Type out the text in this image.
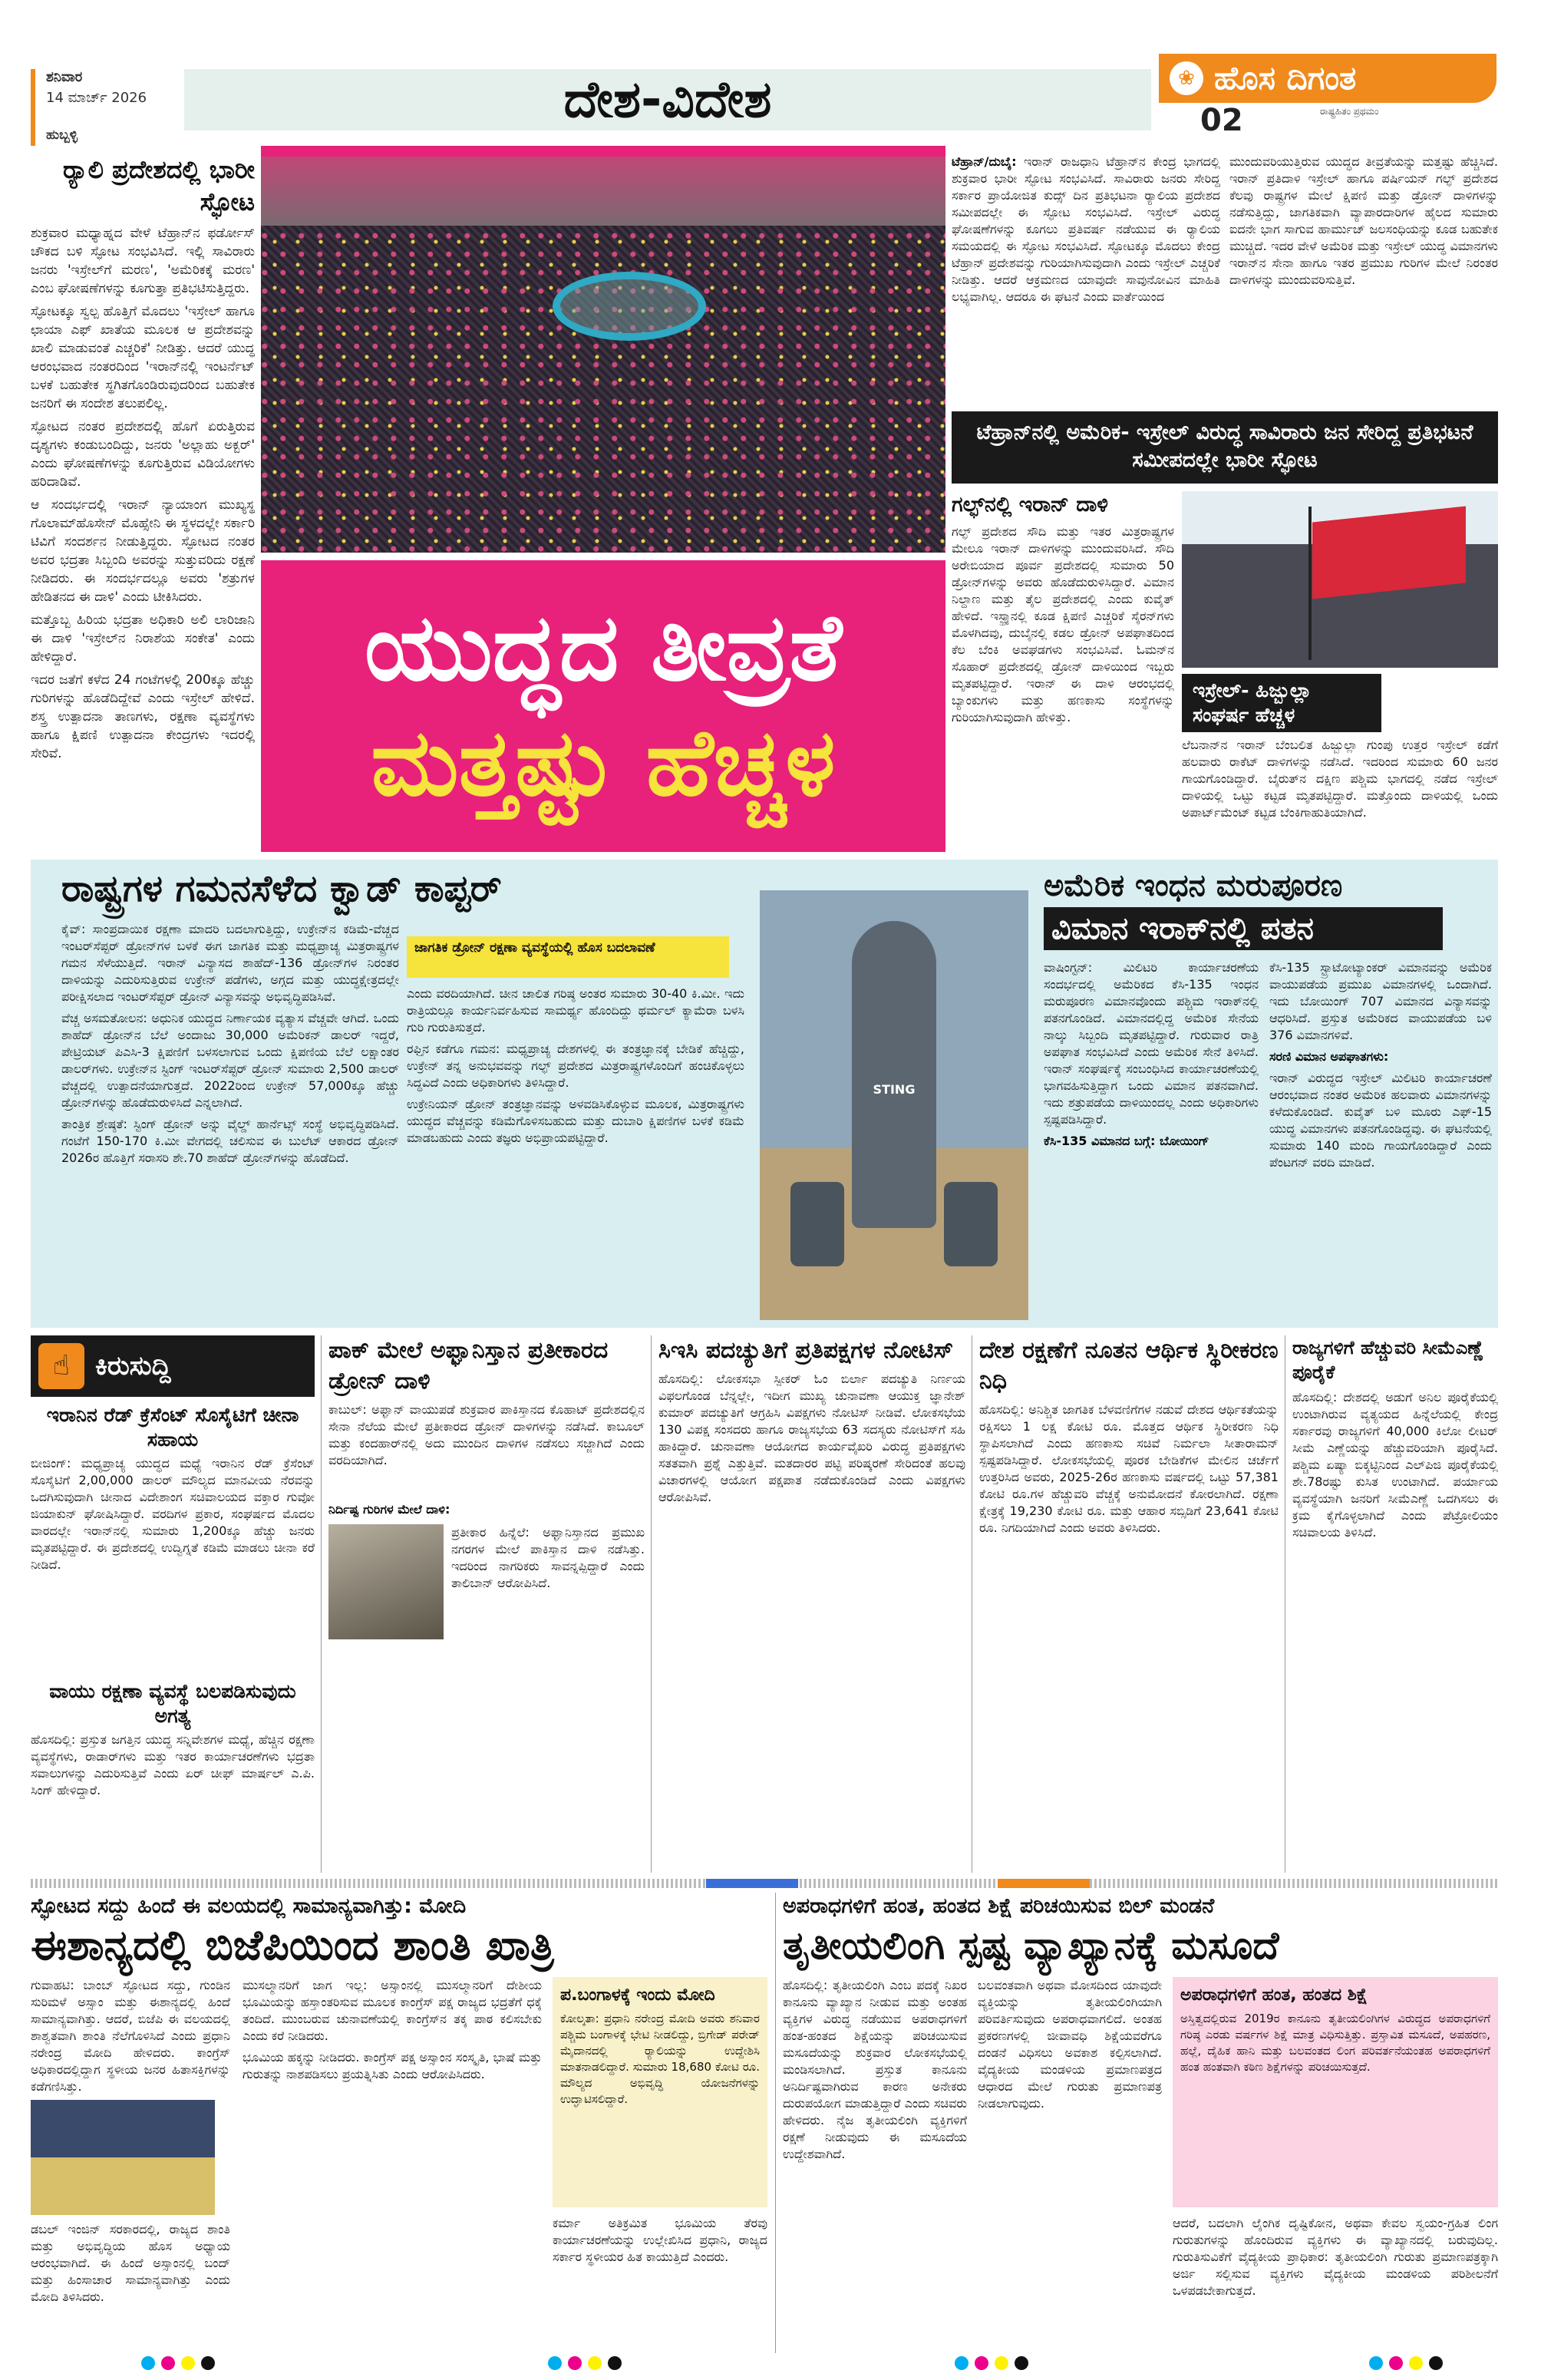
ಶನಿವಾರ
14 ಮಾರ್ಚ್ 2026
ಹುಬ್ಬಳ್ಳಿ
ದೇಶ-ವಿದೇಶ	❀ ಹೊಸ ದಿಗಂತ
ರಾಷ್ಟ್ರಹಿತಂ ಪ್ರಥಮಂ
02
ರ್‍ಯಾಲಿ ಪ್ರದೇಶದಲ್ಲಿ ಭಾರೀ ಸ್ಫೋಟ

ಶುಕ್ರವಾರ ಮಧ್ಯಾಹ್ನದ ವೇಳೆ ಟೆಹ್ರಾನ್‌ನ ಫರ್ಡೋಸ್ ಚೌಕದ ಬಳಿ ಸ್ಫೋಟ ಸಂಭವಿಸಿದೆ. ಇಲ್ಲಿ ಸಾವಿರಾರು ಜನರು 'ಇಸ್ರೇಲ್‌ಗೆ ಮರಣ', 'ಅಮೆರಿಕಕ್ಕೆ ಮರಣ' ಎಂಬ ಘೋಷಣೆಗಳನ್ನು ಕೂಗುತ್ತಾ ಪ್ರತಿಭಟಿಸುತ್ತಿದ್ದರು.

ಸ್ಫೋಟಕ್ಕೂ ಸ್ವಲ್ಪ ಹೊತ್ತಿಗೆ ಮೊದಲು 'ಇಸ್ರೇಲ್ ಹಾಗೂ ಛಾಯಾ ಎಫ್ ಖಾತೆಯ ಮೂಲಕ ಆ ಪ್ರದೇಶವನ್ನು ಖಾಲಿ ಮಾಡುವಂತೆ ಎಚ್ಚರಿಕೆ' ನೀಡಿತ್ತು. ಆದರೆ ಯುದ್ಧ ಆರಂಭವಾದ ನಂತರದಿಂದ 'ಇರಾನ್‌ನಲ್ಲಿ ಇಂಟರ್ನೆಟ್ ಬಳಕೆ ಬಹುತೇಕ ಸ್ಥಗಿತಗೊಂಡಿರುವುದರಿಂದ ಬಹುತೇಕ ಜನರಿಗೆ ಈ ಸಂದೇಶ ತಲುಪಲಿಲ್ಲ.

ಸ್ಫೋಟದ ನಂತರ ಪ್ರದೇಶದಲ್ಲಿ ಹೊಗೆ ಏರುತ್ತಿರುವ ದೃಶ್ಯಗಳು ಕಂಡುಬಂದಿದ್ದು, ಜನರು 'ಅಲ್ಲಾಹು ಅಕ್ಬರ್' ಎಂದು ಘೋಷಣೆಗಳನ್ನು ಕೂಗುತ್ತಿರುವ ವಿಡಿಯೋಗಳು ಹರಿದಾಡಿವೆ.

ಆ ಸಂದರ್ಭದಲ್ಲಿ ಇರಾನ್ ನ್ಯಾಯಾಂಗ ಮುಖ್ಯಸ್ಥ ಗೊಲಾಮ್‌ಹೊಸೇನ್ ಮೊಹ್ಸೇನಿ ಈ ಸ್ಥಳದಲ್ಲೇ ಸರ್ಕಾರಿ ಟಿವಿಗೆ ಸಂದರ್ಶನ ನೀಡುತ್ತಿದ್ದರು. ಸ್ಫೋಟದ ನಂತರ ಅವರ ಭದ್ರತಾ ಸಿಬ್ಬಂದಿ ಅವರನ್ನು ಸುತ್ತುವರಿದು ರಕ್ಷಣೆ ನೀಡಿದರು. ಈ ಸಂದರ್ಭದಲ್ಲೂ ಅವರು 'ಶತ್ರುಗಳ ಹೇಡಿತನದ ಈ ದಾಳಿ' ಎಂದು ಟೀಕಿಸಿದರು.

ಮತ್ತೊಬ್ಬ ಹಿರಿಯ ಭದ್ರತಾ ಅಧಿಕಾರಿ ಅಲಿ ಲಾರಿಜಾನಿ ಈ ದಾಳಿ 'ಇಸ್ರೇಲ್‌ನ ನಿರಾಶೆಯ ಸಂಕೇತ' ಎಂದು ಹೇಳಿದ್ದಾರೆ.

ಇದರ ಜತೆಗೆ ಕಳೆದ 24 ಗಂಟೆಗಳಲ್ಲಿ 200ಕ್ಕೂ ಹೆಚ್ಚು ಗುರಿಗಳನ್ನು ಹೊಡೆದಿದ್ದೇವೆ ಎಂದು ಇಸ್ರೇಲ್ ಹೇಳಿದೆ. ಶಸ್ತ್ರ ಉತ್ಪಾದನಾ ತಾಣಗಳು, ರಕ್ಷಣಾ ವ್ಯವಸ್ಥೆಗಳು ಹಾಗೂ ಕ್ಷಿಪಣಿ ಉತ್ಪಾದನಾ ಕೇಂದ್ರಗಳು ಇದರಲ್ಲಿ ಸೇರಿವೆ.

ಯುದ್ಧದ ತೀವ್ರತೆ
ಮತ್ತಷ್ಟು ಹೆಚ್ಚಳ
ಟೆಹ್ರಾನ್/ದುಬೈ: ಇರಾನ್ ರಾಜಧಾನಿ ಟೆಹ್ರಾನ್‌ನ ಕೇಂದ್ರ ಭಾಗದಲ್ಲಿ ಶುಕ್ರವಾರ ಭಾರೀ ಸ್ಫೋಟ ಸಂಭವಿಸಿದೆ. ಸಾವಿರಾರು ಜನರು ಸೇರಿದ್ದ ಸರ್ಕಾರ ಪ್ರಾಯೋಜಿತ ಕುದ್ಸ್ ದಿನ ಪ್ರತಿಭಟನಾ ರ್‍ಯಾಲಿಯ ಪ್ರದೇಶದ ಸಮೀಪದಲ್ಲೇ ಈ ಸ್ಫೋಟ ಸಂಭವಿಸಿದೆ. ಇಸ್ರೇಲ್ ವಿರುದ್ಧ ಘೋಷಣೆಗಳನ್ನು ಕೂಗಲು ಪ್ರತಿವರ್ಷ ನಡೆಯುವ ಈ ರ್‍ಯಾಲಿಯ ಸಮಯದಲ್ಲಿ ಈ ಸ್ಫೋಟ ಸಂಭವಿಸಿದೆ. ಸ್ಫೋಟಕ್ಕೂ ಮೊದಲು ಕೇಂದ್ರ ಟೆಹ್ರಾನ್ ಪ್ರದೇಶವನ್ನು ಗುರಿಯಾಗಿಸುವುದಾಗಿ ಎಂದು ಇಸ್ರೇಲ್ ಎಚ್ಚರಿಕೆ ನೀಡಿತ್ತು. ಆದರೆ ಆಕ್ರಮಣದ ಯಾವುದೇ ಸಾವುನೋವಿನ ಮಾಹಿತಿ ಲಭ್ಯವಾಗಿಲ್ಲ. ಆದರೂ ಈ ಘಟನೆ ಎಂದು ವಾರ್ತೆಯಿಂದ
ಮುಂದುವರಿಯುತ್ತಿರುವ ಯುದ್ಧದ ತೀವ್ರತೆಯನ್ನು ಮತ್ತಷ್ಟು ಹೆಚ್ಚಿಸಿದೆ. ಇರಾನ್ ಪ್ರತಿದಾಳಿ ಇಸ್ರೇಲ್ ಹಾಗೂ ಪರ್ಷಿಯನ್ ಗಲ್ಫ್ ಪ್ರದೇಶದ ಕೆಲವು ರಾಷ್ಟ್ರಗಳ ಮೇಲೆ ಕ್ಷಿಪಣಿ ಮತ್ತು ಡ್ರೋನ್ ದಾಳಿಗಳನ್ನು ನಡೆಸುತ್ತಿದ್ದು, ಜಾಗತಿಕವಾಗಿ ವ್ಯಾಪಾರದಾರಿಗಳ ಹೈಲದ ಸುಮಾರು ಐದನೇ ಭಾಗ ಸಾಗುವ ಹಾರ್ಮುಜ್ ಜಲಸಂಧಿಯನ್ನು ಕೂಡ ಬಹುತೇಕ ಮುಚ್ಚಿದೆ. ಇದರ ವೇಳೆ ಅಮೆರಿಕ ಮತ್ತು ಇಸ್ರೇಲ್ ಯುದ್ಧ ವಿಮಾನಗಳು ಇರಾನ್‌ನ ಸೇನಾ ಹಾಗೂ ಇತರ ಪ್ರಮುಖ ಗುರಿಗಳ ಮೇಲೆ ನಿರಂತರ ದಾಳಿಗಳನ್ನು ಮುಂದುವರಿಸುತ್ತಿವೆ.
ಟೆಹ್ರಾನ್‌ನಲ್ಲಿ ಅಮೆರಿಕ- ಇಸ್ರೇಲ್ ವಿರುದ್ಧ ಸಾವಿರಾರು ಜನ ಸೇರಿದ್ದ ಪ್ರತಿಭಟನೆ ಸಮೀಪದಲ್ಲೇ ಭಾರೀ ಸ್ಫೋಟ
ಗಲ್ಫ್‌ನಲ್ಲಿ ಇರಾನ್ ದಾಳಿ
ಗಲ್ಫ್ ಪ್ರದೇಶದ ಸೌದಿ ಮತ್ತು ಇತರ ಮಿತ್ರರಾಷ್ಟ್ರಗಳ ಮೇಲೂ ಇರಾನ್ ದಾಳಿಗಳನ್ನು ಮುಂದುವರಿಸಿದೆ. ಸೌದಿ ಅರೇಬಿಯಾದ ಪೂರ್ವ ಪ್ರದೇಶದಲ್ಲಿ ಸುಮಾರು 50 ಡ್ರೋನ್‌ಗಳನ್ನು ಅವರು ಹೊಡೆದುರುಳಿಸಿದ್ದಾರೆ. ವಿಮಾನ ನಿಲ್ದಾಣ ಮತ್ತು ತೈಲ ಪ್ರದೇಶದಲ್ಲಿ ಎಂದು ಕುವೈತ್ ಹೇಳಿದೆ. ಇಸ್ಫ್ರ್ಯಾನಲ್ಲಿ ಕೂಡ ಕ್ಷಿಪಣಿ ಎಚ್ಚರಿಕೆ ಸೈರನ್‌ಗಳು ಮೊಳಗಿದವು, ದುಬೈನಲ್ಲಿ ಕಡಲ ಡ್ರೋನ್ ಅಪಘಾತದಿಂದ ಕೆಲ ಬೆಂಕಿ ಅವಘಡಗಳು ಸಂಭವಿಸಿವೆ. ಓಮನ್‌ನ ಸೊಹಾರ್ ಪ್ರದೇಶದಲ್ಲಿ ಡ್ರೋನ್ ದಾಳಿಯಿಂದ ಇಬ್ಬರು ಮೃತಪಟ್ಟಿದ್ದಾರೆ. ಇರಾನ್ ಈ ದಾಳಿ ಆರಂಭದಲ್ಲಿ ಬ್ಯಾಂಕುಗಳು ಮತ್ತು ಹಣಕಾಸು ಸಂಸ್ಥೆಗಳನ್ನು ಗುರಿಯಾಗಿಸುವುದಾಗಿ ಹೇಳಿತ್ತು.
ಇಸ್ರೇಲ್- ಹಿಜ್ಬುಲ್ಲಾ ಸಂಘರ್ಷ ಹೆಚ್ಚಳ
ಲೆಬನಾನ್‌ನ ಇರಾನ್ ಬೆಂಬಲಿತ ಹಿಜ್ಬುಲ್ಲಾ ಗುಂಪು ಉತ್ತರ ಇಸ್ರೇಲ್ ಕಡೆಗೆ ಹಲವಾರು ರಾಕೆಟ್ ದಾಳಿಗಳನ್ನು ನಡೆಸಿದೆ. ಇದರಿಂದ ಸುಮಾರು 60 ಜನರ ಗಾಯಗೊಂಡಿದ್ದಾರೆ. ಬೈರುತ್‌ನ ದಕ್ಷಿಣ ಪಶ್ಚಿಮ ಭಾಗದಲ್ಲಿ ನಡೆದ ಇಸ್ರೇಲ್ ದಾಳಿಯಲ್ಲಿ ಒಟ್ಟು ಕಟ್ಟಡ ಮೃತಪಟ್ಟಿದ್ದಾರೆ. ಮತ್ತೊಂದು ದಾಳಿಯಲ್ಲಿ ಒಂದು ಅಪಾರ್ಟ್‌ಮೆಂಟ್ ಕಟ್ಟಡ ಬೆಂಕಿಗಾಹುತಿಯಾಗಿದೆ.
ರಾಷ್ಟ್ರಗಳ ಗಮನಸೆಳೆದ ಕ್ವಾಡ್ ಕಾಪ್ಟರ್

ಕೈವ್: ಸಾಂಪ್ರದಾಯಿಕ ರಕ್ಷಣಾ ಮಾದರಿ ಬದಲಾಗುತ್ತಿದ್ದು, ಉಕ್ರೇನ್‌ನ ಕಡಿಮೆ-ವೆಚ್ಚದ ಇಂಟರ್‌ಸೆಪ್ಟರ್ ಡ್ರೋನ್‌ಗಳ ಬಳಕೆ ಈಗ ಜಾಗತಿಕ ಮತ್ತು ಮಧ್ಯಪ್ರಾಚ್ಯ ಮಿತ್ರರಾಷ್ಟ್ರಗಳ ಗಮನ ಸೆಳೆಯುತ್ತಿದೆ. ಇರಾನ್ ವಿನ್ಯಾಸದ ಶಾಹೆದ್-136 ಡ್ರೋನ್‌ಗಳ ನಿರಂತರ ದಾಳಿಯನ್ನು ಎದುರಿಸುತ್ತಿರುವ ಉಕ್ರೇನ್ ಪಡೆಗಳು, ಅಗ್ಗದ ಮತ್ತು ಯುದ್ಧಕ್ಷೇತ್ರದಲ್ಲೇ ಪರೀಕ್ಷಿಸಲಾದ ಇಂಟರ್‌ಸೆಪ್ಟರ್ ಡ್ರೋನ್ ವಿನ್ಯಾಸವನ್ನು ಅಭಿವೃದ್ಧಿಪಡಿಸಿವೆ.

ವೆಚ್ಚ ಅಸಮತೋಲನ: ಅಧುನಿಕ ಯುದ್ಧದ ನಿರ್ಣಾಯಕ ವ್ಯತ್ಯಾಸ ವೆಚ್ಚವೇ ಆಗಿದೆ. ಒಂದು ಶಾಹೆದ್ ಡ್ರೋನ್‌ನ ಬೆಲೆ ಅಂದಾಜು 30,000 ಅಮೆರಿಕನ್ ಡಾಲರ್ ಇದ್ದರೆ, ಪೇಟ್ರಿಯಟ್ ಪಿಎಸಿ-3 ಕ್ಷಿಪಣಿಗೆ ಬಳಸಲಾಗುವ ಒಂದು ಕ್ಷಿಪಣಿಯ ಬೆಲೆ ಲಕ್ಷಾಂತರ ಡಾಲರ್‌ಗಳು. ಉಕ್ರೇನ್‌ನ ಸ್ಟಿಂಗ್ ಇಂಟರ್‌ಸೆಪ್ಟರ್ ಡ್ರೋನ್ ಸುಮಾರು 2,500 ಡಾಲರ್ ವೆಚ್ಚದಲ್ಲಿ ಉತ್ಪಾದನೆಯಾಗುತ್ತದೆ. 2022ರಿಂದ ಉಕ್ರೇನ್ 57,000ಕ್ಕೂ ಹೆಚ್ಚು ಡ್ರೋನ್‌ಗಳನ್ನು ಹೊಡೆದುರುಳಿಸಿದೆ ಎನ್ನಲಾಗಿದೆ.

ತಾಂತ್ರಿಕ ಶ್ರೇಷ್ಠತೆ: ಸ್ಟಿಂಗ್ ಡ್ರೋನ್ ಅನ್ನು ವೈಲ್ಡ್ ಹಾರ್ನೆಟ್ಸ್ ಸಂಸ್ಥೆ ಅಭಿವೃದ್ಧಿಪಡಿಸಿದೆ. ಗಂಟೆಗೆ 150-170 ಕಿ.ಮೀ ವೇಗದಲ್ಲಿ ಚಲಿಸುವ ಈ ಬುಲೆಟ್ ಆಕಾರದ ಡ್ರೋನ್ 2026ರ ಹೊತ್ತಿಗೆ ಸರಾಸರಿ ಶೇ.70 ಶಾಹೆದ್ ಡ್ರೋನ್‌ಗಳನ್ನು ಹೊಡೆದಿದೆ.

ಜಾಗತಿಕ ಡ್ರೋನ್ ರಕ್ಷಣಾ ವ್ಯವಸ್ಥೆಯಲ್ಲಿ ಹೊಸ ಬದಲಾವಣೆ

ಎಂದು ವರದಿಯಾಗಿದೆ. ಚೀನ ಚಾಲಿತ ಗರಿಷ್ಠ ಅಂತರ ಸುಮಾರು 30-40 ಕಿ.ಮೀ. ಇದು ರಾತ್ರಿಯಲ್ಲೂ ಕಾರ್ಯನಿರ್ವಹಿಸುವ ಸಾಮರ್ಥ್ಯ ಹೊಂದಿದ್ದು ಥರ್ಮಲ್ ಕ್ಯಾಮೆರಾ ಬಳಸಿ ಗುರಿ ಗುರುತಿಸುತ್ತದೆ.

ರಫ್ತಿನ ಕಡೆಗೂ ಗಮನ: ಮಧ್ಯಪ್ರಾಚ್ಯ ದೇಶಗಳಲ್ಲಿ ಈ ತಂತ್ರಜ್ಞಾನಕ್ಕೆ ಬೇಡಿಕೆ ಹೆಚ್ಚಿದ್ದು, ಉಕ್ರೇನ್ ತನ್ನ ಅನುಭವವನ್ನು ಗಲ್ಫ್ ಪ್ರದೇಶದ ಮಿತ್ರರಾಷ್ಟ್ರಗಳೊಂದಿಗೆ ಹಂಚಿಕೊಳ್ಳಲು ಸಿದ್ಧವಿದೆ ಎಂದು ಅಧಿಕಾರಿಗಳು ತಿಳಿಸಿದ್ದಾರೆ.

ಉಕ್ರೇನಿಯನ್ ಡ್ರೋನ್ ತಂತ್ರಜ್ಞಾನವನ್ನು ಅಳವಡಿಸಿಕೊಳ್ಳುವ ಮೂಲಕ, ಮಿತ್ರರಾಷ್ಟ್ರಗಳು ಯುದ್ಧದ ವೆಚ್ಚವನ್ನು ಕಡಿಮೆಗೊಳಿಸಬಹುದು ಮತ್ತು ದುಬಾರಿ ಕ್ಷಿಪಣಿಗಳ ಬಳಕೆ ಕಡಿಮೆ ಮಾಡಬಹುದು ಎಂದು ತಜ್ಞರು ಅಭಿಪ್ರಾಯಪಟ್ಟಿದ್ದಾರೆ.

STING
ಅಮೆರಿಕ ಇಂಧನ ಮರುಪೂರಣ
ವಿಮಾನ ಇರಾಕ್‌ನಲ್ಲಿ ಪತನ

ವಾಷಿಂಗ್ಟನ್: ಮಿಲಿಟರಿ ಕಾರ್ಯಾಚರಣೆಯ ಸಂದರ್ಭದಲ್ಲಿ ಅಮೆರಿಕದ ಕೆಸಿ-135 ಇಂಧನ ಮರುಪೂರಣ ವಿಮಾನವೊಂದು ಪಶ್ಚಿಮ ಇರಾಕ್‌ನಲ್ಲಿ ಪತನಗೊಂಡಿದೆ. ವಿಮಾನದಲ್ಲಿದ್ದ ಅಮೆರಿಕ ಸೇನೆಯ ನಾಲ್ಕು ಸಿಬ್ಬಂದಿ ಮೃತಪಟ್ಟಿದ್ದಾರೆ. ಗುರುವಾರ ರಾತ್ರಿ ಅಪಘಾತ ಸಂಭವಿಸಿದೆ ಎಂದು ಅಮೆರಿಕ ಸೇನೆ ತಿಳಿಸಿದೆ. ಇರಾನ್ ಸಂಘರ್ಷಕ್ಕೆ ಸಂಬಂಧಿಸಿದ ಕಾರ್ಯಾಚರಣೆಯಲ್ಲಿ ಭಾಗವಹಿಸುತ್ತಿದ್ದಾಗ ಒಂದು ವಿಮಾನ ಪತನವಾಗಿದೆ. ಇದು ಶತ್ರುಪಡೆಯ ದಾಳಿಯಿಂದಲ್ಲ ಎಂದು ಅಧಿಕಾರಿಗಳು ಸ್ಪಷ್ಟಪಡಿಸಿದ್ದಾರೆ.

ಕೆಸಿ-135 ವಿಮಾನದ ಬಗ್ಗೆ: ಬೋಯಿಂಗ್

ಕೆಸಿ-135 ಸ್ಟ್ರಾಟೋಟ್ಯಾಂಕರ್ ವಿಮಾನವನ್ನು ಅಮೆರಿಕ ವಾಯುಪಡೆಯ ಪ್ರಮುಖ ವಿಮಾನಗಳಲ್ಲಿ ಒಂದಾಗಿದೆ. ಇದು ಬೋಯಿಂಗ್ 707 ವಿಮಾನದ ವಿನ್ಯಾಸವನ್ನು ಆಧರಿಸಿದೆ. ಪ್ರಸ್ತುತ ಅಮೆರಿಕದ ವಾಯುಪಡೆಯ ಬಳಿ 376 ವಿಮಾನಗಳಿವೆ.

ಸರಣಿ ವಿಮಾನ ಅಪಘಾತಗಳು:

ಇರಾನ್ ವಿರುದ್ಧದ ಇಸ್ರೇಲ್ ಮಿಲಿಟರಿ ಕಾರ್ಯಾಚರಣೆ ಆರಂಭವಾದ ನಂತರ ಅಮೆರಿಕ ಹಲವಾರು ವಿಮಾನಗಳನ್ನು ಕಳೆದುಕೊಂಡಿದೆ. ಕುವೈತ್ ಬಳಿ ಮೂರು ಎಫ್-15 ಯುದ್ಧ ವಿಮಾನಗಳು ಪತನಗೊಂಡಿದ್ದವು. ಈ ಘಟನೆಯಲ್ಲಿ ಸುಮಾರು 140 ಮಂದಿ ಗಾಯಗೊಂಡಿದ್ದಾರೆ ಎಂದು ಪೆಂಟಗನ್ ವರದಿ ಮಾಡಿದೆ.

☝ ಕಿರುಸುದ್ದಿ
ಇರಾನಿನ ರೆಡ್ ಕ್ರೆಸೆಂಟ್ ಸೊಸೈಟಿಗೆ ಚೀನಾ ಸಹಾಯ
ಬೀಜಿಂಗ್: ಮಧ್ಯಪ್ರಾಚ್ಯ ಯುದ್ಧದ ಮಧ್ಯೆ ಇರಾನಿನ ರೆಡ್ ಕ್ರೆಸೆಂಟ್ ಸೊಸೈಟಿಗೆ 2,00,000 ಡಾಲರ್ ಮೌಲ್ಯದ ಮಾನವೀಯ ನೆರವನ್ನು ಒದಗಿಸುವುದಾಗಿ ಚೀನಾದ ವಿದೇಶಾಂಗ ಸಚಿವಾಲಯದ ವಕ್ತಾರ ಗುವೋ ಜಿಯಾಕುನ್ ಘೋಷಿಸಿದ್ದಾರೆ. ವರದಿಗಳ ಪ್ರಕಾರ, ಸಂಘರ್ಷದ ಮೊದಲ ವಾರದಲ್ಲೇ ಇರಾನ್‌ನಲ್ಲಿ ಸುಮಾರು 1,200ಕ್ಕೂ ಹೆಚ್ಚು ಜನರು ಮೃತಪಟ್ಟಿದ್ದಾರೆ. ಈ ಪ್ರದೇಶದಲ್ಲಿ ಉದ್ವಿಗ್ನತೆ ಕಡಿಮೆ ಮಾಡಲು ಚೀನಾ ಕರೆ ನೀಡಿದೆ.
ವಾಯು ರಕ್ಷಣಾ ವ್ಯವಸ್ಥೆ ಬಲಪಡಿಸುವುದು ಅಗತ್ಯ
ಹೊಸದಿಲ್ಲಿ: ಪ್ರಸ್ತುತ ಜಗತ್ತಿನ ಯುದ್ಧ ಸನ್ನಿವೇಶಗಳ ಮಧ್ಯೆ, ಹೆಚ್ಚಿನ ರಕ್ಷಣಾ ವ್ಯವಸ್ಥೆಗಳು, ರಾಡಾರ್‌ಗಳು ಮತ್ತು ಇತರ ಕಾರ್ಯಾಚರಣೆಗಳು ಭದ್ರತಾ ಸವಾಲುಗಳನ್ನು ಎದುರಿಸುತ್ತಿವೆ ಎಂದು ಏರ್ ಚೀಫ್ ಮಾರ್ಷಲ್ ಎ.ಪಿ. ಸಿಂಗ್ ಹೇಳಿದ್ದಾರೆ.
ಪಾಕ್ ಮೇಲೆ ಅಫ್ಘಾನಿಸ್ತಾನ ಪ್ರತೀಕಾರದ ಡ್ರೋನ್ ದಾಳಿ
ಕಾಬುಲ್: ಅಫ್ಘಾನ್ ವಾಯುಪಡೆ ಶುಕ್ರವಾರ ಪಾಕಿಸ್ತಾನದ ಕೊಹಾಟ್ ಪ್ರದೇಶದಲ್ಲಿನ ಸೇನಾ ನೆಲೆಯ ಮೇಲೆ ಪ್ರತೀಕಾರದ ಡ್ರೋನ್ ದಾಳಿಗಳನ್ನು ನಡೆಸಿದೆ. ಕಾಬೂಲ್ ಮತ್ತು ಕಂದಹಾರ್‌ನಲ್ಲಿ ಅದು ಮುಂದಿನ ದಾಳಿಗಳ ನಡೆಸಲು ಸಜ್ಜಾಗಿದೆ ಎಂದು ವರದಿಯಾಗಿದೆ.
ನಿರ್ದಿಷ್ಟ ಗುರಿಗಳ ಮೇಲೆ ದಾಳಿ:
ಪ್ರತೀಕಾರ ಹಿನ್ನೆಲೆ: ಅಫ್ಘಾನಿಸ್ತಾನದ ಪ್ರಮುಖ ನಗರಗಳ ಮೇಲೆ ಪಾಕಿಸ್ತಾನ ದಾಳಿ ನಡೆಸಿತ್ತು. ಇದರಿಂದ ನಾಗರಿಕರು ಸಾವನ್ನಪ್ಪಿದ್ದಾರೆ ಎಂದು ತಾಲಿಬಾನ್ ಆರೋಪಿಸಿದೆ.
ಸಿಇಸಿ ಪದಚ್ಯುತಿಗೆ ಪ್ರತಿಪಕ್ಷಗಳ ನೋಟಿಸ್
ಹೊಸದಿಲ್ಲಿ: ಲೋಕಸಭಾ ಸ್ಪೀಕರ್ ಓಂ ಬಿರ್ಲಾ ಪದಚ್ಯುತಿ ನಿರ್ಣಯ ವಿಫಲಗೊಂಡ ಬೆನ್ನಲ್ಲೇ, ಇದೀಗ ಮುಖ್ಯ ಚುನಾವಣಾ ಆಯುಕ್ತ ಜ್ಞಾನೇಶ್ ಕುಮಾರ್ ಪದಚ್ಯುತಿಗೆ ಆಗ್ರಹಿಸಿ ವಿಪಕ್ಷಗಳು ನೋಟಿಸ್ ನೀಡಿವೆ. ಲೋಕಸಭೆಯ 130 ವಿಪಕ್ಷ ಸಂಸದರು ಹಾಗೂ ರಾಜ್ಯಸಭೆಯ 63 ಸದಸ್ಯರು ನೋಟಿಸ್‌ಗೆ ಸಹಿ ಹಾಕಿದ್ದಾರೆ. ಚುನಾವಣಾ ಆಯೋಗದ ಕಾರ್ಯವೈಖರಿ ವಿರುದ್ಧ ಪ್ರತಿಪಕ್ಷಗಳು ಸತತವಾಗಿ ಪ್ರಶ್ನೆ ಎತ್ತುತ್ತಿವೆ. ಮತದಾರರ ಪಟ್ಟಿ ಪರಿಷ್ಕರಣೆ ಸೇರಿದಂತೆ ಹಲವು ವಿಚಾರಗಳಲ್ಲಿ ಆಯೋಗ ಪಕ್ಷಪಾತ ನಡೆದುಕೊಂಡಿದೆ ಎಂದು ವಿಪಕ್ಷಗಳು ಆರೋಪಿಸಿವೆ.
ದೇಶ ರಕ್ಷಣೆಗೆ ನೂತನ ಆರ್ಥಿಕ ಸ್ಥಿರೀಕರಣ ನಿಧಿ
ಹೊಸದಿಲ್ಲಿ: ಅನಿಶ್ಚಿತ ಜಾಗತಿಕ ಬೆಳವಣಿಗೆಗಳ ನಡುವೆ ದೇಶದ ಆರ್ಥಿಕತೆಯನ್ನು ರಕ್ಷಿಸಲು 1 ಲಕ್ಷ ಕೋಟಿ ರೂ. ಮೊತ್ತದ ಆರ್ಥಿಕ ಸ್ಥಿರೀಕರಣ ನಿಧಿ ಸ್ಥಾಪಿಸಲಾಗಿದೆ ಎಂದು ಹಣಕಾಸು ಸಚಿವೆ ನಿರ್ಮಲಾ ಸೀತಾರಾಮನ್ ಸ್ಪಷ್ಟಪಡಿಸಿದ್ದಾರೆ. ಲೋಕಸಭೆಯಲ್ಲಿ ಪೂರಕ ಬೇಡಿಕೆಗಳ ಮೇಲಿನ ಚರ್ಚೆಗೆ ಉತ್ತರಿಸಿದ ಅವರು, 2025-26ರ ಹಣಕಾಸು ವರ್ಷದಲ್ಲಿ ಒಟ್ಟು 57,381 ಕೋಟಿ ರೂ.ಗಳ ಹೆಚ್ಚುವರಿ ವೆಚ್ಚಕ್ಕೆ ಅನುಮೋದನೆ ಕೋರಲಾಗಿದೆ. ರಕ್ಷಣಾ ಕ್ಷೇತ್ರಕ್ಕೆ 19,230 ಕೋಟಿ ರೂ. ಮತ್ತು ಆಹಾರ ಸಬ್ಸಿಡಿಗೆ 23,641 ಕೋಟಿ ರೂ. ನಿಗದಿಯಾಗಿದೆ ಎಂದು ಅವರು ತಿಳಿಸಿದರು.
ರಾಜ್ಯಗಳಿಗೆ ಹೆಚ್ಚುವರಿ ಸೀಮೆಎಣ್ಣೆ ಪೂರೈಕೆ
ಹೊಸದಿಲ್ಲಿ: ದೇಶದಲ್ಲಿ ಅಡುಗೆ ಅನಿಲ ಪೂರೈಕೆಯಲ್ಲಿ ಉಂಟಾಗಿರುವ ವ್ಯತ್ಯಯದ ಹಿನ್ನೆಲೆಯಲ್ಲಿ ಕೇಂದ್ರ ಸರ್ಕಾರವು ರಾಜ್ಯಗಳಿಗೆ 40,000 ಕಿಲೋ ಲೀಟರ್ ಸೀಮೆ ಎಣ್ಣೆಯನ್ನು ಹೆಚ್ಚುವರಿಯಾಗಿ ಪೂರೈಸಿದೆ. ಪಶ್ಚಿಮ ಏಷ್ಯಾ ಬಿಕ್ಕಟ್ಟಿನಿಂದ ಎಲ್‌ಪಿಜಿ ಪೂರೈಕೆಯಲ್ಲಿ ಶೇ.78ರಷ್ಟು ಕುಸಿತ ಉಂಟಾಗಿದೆ. ಪರ್ಯಾಯ ವ್ಯವಸ್ಥೆಯಾಗಿ ಜನರಿಗೆ ಸೀಮೆಎಣ್ಣೆ ಒದಗಿಸಲು ಈ ಕ್ರಮ ಕೈಗೊಳ್ಳಲಾಗಿದೆ ಎಂದು ಪೆಟ್ರೋಲಿಯಂ ಸಚಿವಾಲಯ ತಿಳಿಸಿದೆ.
ಸ್ಫೋಟದ ಸದ್ದು ಹಿಂದೆ ಈ ವಲಯದಲ್ಲಿ ಸಾಮಾನ್ಯವಾಗಿತ್ತು: ಮೋದಿ
ಈಶಾನ್ಯದಲ್ಲಿ ಬಿಜೆಪಿಯಿಂದ ಶಾಂತಿ ಖಾತ್ರಿ

ಗುವಾಹಟಿ: ಬಾಂಬ್ ಸ್ಫೋಟದ ಸದ್ದು, ಗುಂಡಿನ ಸುರಿಮಳೆ ಅಸ್ಸಾಂ ಮತ್ತು ಈಶಾನ್ಯದಲ್ಲಿ ಹಿಂದೆ ಸಾಮಾನ್ಯವಾಗಿತ್ತು. ಆದರೆ, ಬಿಜೆಪಿ ಈ ವಲಯದಲ್ಲಿ ಶಾಶ್ವತವಾಗಿ ಶಾಂತಿ ನೆಲೆಗೊಳಿಸಿದೆ ಎಂದು ಪ್ರಧಾನಿ ನರೇಂದ್ರ ಮೋದಿ ಹೇಳಿದರು. ಕಾಂಗ್ರೆಸ್ ಅಧಿಕಾರದಲ್ಲಿದ್ದಾಗ ಸ್ಥಳೀಯ ಜನರ ಹಿತಾಸಕ್ತಿಗಳನ್ನು ಕಡೆಗಣಿಸಿತ್ತು.

ಡಬಲ್ ಇಂಜಿನ್ ಸರಕಾರದಲ್ಲಿ, ರಾಜ್ಯದ ಶಾಂತಿ ಮತ್ತು ಅಭಿವೃದ್ಧಿಯ ಹೊಸ ಅಧ್ಯಾಯ ಆರಂಭವಾಗಿದೆ. ಈ ಹಿಂದೆ ಅಸ್ಸಾಂನಲ್ಲಿ ಬಂದ್ ಮತ್ತು ಹಿಂಸಾಚಾರ ಸಾಮಾನ್ಯವಾಗಿತ್ತು ಎಂದು ಮೋದಿ ತಿಳಿಸಿದರು.

ಮುಸಲ್ಮಾನರಿಗೆ ಜಾಗ ಇಲ್ಲ: ಅಸ್ಸಾಂನಲ್ಲಿ ಮುಸಲ್ಮಾನರಿಗೆ ದೇಶೀಯ ಭೂಮಿಯನ್ನು ಹಸ್ತಾಂತರಿಸುವ ಮೂಲಕ ಕಾಂಗ್ರೆಸ್ ಪಕ್ಷ ರಾಜ್ಯದ ಭದ್ರತೆಗೆ ಧಕ್ಕೆ ತಂದಿದೆ. ಮುಂಬರುವ ಚುನಾವಣೆಯಲ್ಲಿ ಕಾಂಗ್ರೆಸ್‌ನ ತಕ್ಕ ಪಾಠ ಕಲಿಸಬೇಕು ಎಂದು ಕರೆ ನೀಡಿದರು.

ಭೂಮಿಯ ಹಕ್ಕನ್ನು ನೀಡಿದರು. ಕಾಂಗ್ರೆಸ್ ಪಕ್ಷ ಅಸ್ಸಾಂನ ಸಂಸ್ಕೃತಿ, ಭಾಷೆ ಮತ್ತು ಗುರುತನ್ನು ನಾಶಪಡಿಸಲು ಪ್ರಯತ್ನಿಸಿತು ಎಂದು ಆರೋಪಿಸಿದರು.

ಪ.ಬಂಗಾಳಕ್ಕೆ ಇಂದು ಮೋದಿ
ಕೋಲ್ಕತಾ: ಪ್ರಧಾನಿ ನರೇಂದ್ರ ಮೋದಿ ಅವರು ಶನಿವಾರ ಪಶ್ಚಿಮ ಬಂಗಾಳಕ್ಕೆ ಭೇಟಿ ನೀಡಲಿದ್ದು, ಬ್ರಿಗೇಡ್ ಪರೇಡ್ ಮೈದಾನದಲ್ಲಿ ರ್‍ಯಾಲಿಯನ್ನು ಉದ್ದೇಶಿಸಿ ಮಾತನಾಡಲಿದ್ದಾರೆ. ಸುಮಾರು 18,680 ಕೋಟಿ ರೂ. ಮೌಲ್ಯದ ಅಭಿವೃದ್ಧಿ ಯೋಜನೆಗಳನ್ನು ಉದ್ಘಾಟಿಸಲಿದ್ದಾರೆ.
ಕರ್ಮಾ ಅತಿಕ್ರಮಿತ ಭೂಮಿಯ ತೆರವು ಕಾರ್ಯಾಚರಣೆಯನ್ನು ಉಲ್ಲೇಖಿಸಿದ ಪ್ರಧಾನಿ, ರಾಜ್ಯದ ಸರ್ಕಾರ ಸ್ಥಳೀಯರ ಹಿತ ಕಾಯುತ್ತಿದೆ ಎಂದರು.
ಅಪರಾಧಗಳಿಗೆ ಹಂತ, ಹಂತದ ಶಿಕ್ಷೆ ಪರಿಚಯಿಸುವ ಬಿಲ್ ಮಂಡನೆ
ತೃತೀಯಲಿಂಗಿ ಸ್ಪಷ್ಟ ವ್ಯಾಖ್ಯಾನಕ್ಕೆ ಮಸೂದೆ
ಹೊಸದಿಲ್ಲಿ: ತೃತೀಯಲಿಂಗಿ ಎಂಬ ಪದಕ್ಕೆ ನಿಖರ ಕಾನೂನು ವ್ಯಾಖ್ಯಾನ ನೀಡುವ ಮತ್ತು ಅಂತಹ ವ್ಯಕ್ತಿಗಳ ವಿರುದ್ಧ ನಡೆಯುವ ಅಪರಾಧಗಳಿಗೆ ಹಂತ-ಹಂತದ ಶಿಕ್ಷೆಯನ್ನು ಪರಿಚಯಿಸುವ ಮಸೂದೆಯನ್ನು ಶುಕ್ರವಾರ ಲೋಕಸಭೆಯಲ್ಲಿ ಮಂಡಿಸಲಾಗಿದೆ. ಪ್ರಸ್ತುತ ಕಾನೂನು ಅನಿರ್ದಿಷ್ಟವಾಗಿರುವ ಕಾರಣ ಅನೇಕರು ದುರುಪಯೋಗ ಮಾಡುತ್ತಿದ್ದಾರೆ ಎಂದು ಸಚಿವರು ಹೇಳಿದರು. ನೈಜ ತೃತೀಯಲಿಂಗಿ ವ್ಯಕ್ತಿಗಳಿಗೆ ರಕ್ಷಣೆ ನೀಡುವುದು ಈ ಮಸೂದೆಯ ಉದ್ದೇಶವಾಗಿದೆ.
ಬಲವಂತವಾಗಿ ಅಥವಾ ಮೋಸದಿಂದ ಯಾವುದೇ ವ್ಯಕ್ತಿಯನ್ನು ತೃತೀಯಲಿಂಗಿಯಾಗಿ ಪರಿವರ್ತಿಸುವುದು ಅಪರಾಧವಾಗಲಿದೆ. ಅಂತಹ ಪ್ರಕರಣಗಳಲ್ಲಿ ಜೀವಾವಧಿ ಶಿಕ್ಷೆಯವರೆಗೂ ದಂಡನೆ ವಿಧಿಸಲು ಅವಕಾಶ ಕಲ್ಪಿಸಲಾಗಿದೆ. ವೈದ್ಯಕೀಯ ಮಂಡಳಿಯ ಪ್ರಮಾಣಪತ್ರದ ಆಧಾರದ ಮೇಲೆ ಗುರುತು ಪ್ರಮಾಣಪತ್ರ ನೀಡಲಾಗುವುದು.
ಅಪರಾಧಗಳಿಗೆ ಹಂತ, ಹಂತದ ಶಿಕ್ಷೆ
ಅಸ್ತಿತ್ವದಲ್ಲಿರುವ 2019ರ ಕಾನೂನು ತೃತೀಯಲಿಂಗಿಗಳ ವಿರುದ್ಧದ ಅಪರಾಧಗಳಿಗೆ ಗರಿಷ್ಠ ಎರಡು ವರ್ಷಗಳ ಶಿಕ್ಷೆ ಮಾತ್ರ ವಿಧಿಸುತ್ತಿತ್ತು. ಪ್ರಸ್ತಾವಿತ ಮಸೂದೆ, ಅಪಹರಣ, ಹಲ್ಲೆ, ದೈಹಿಕ ಹಾನಿ ಮತ್ತು ಬಲವಂತದ ಲಿಂಗ ಪರಿವರ್ತನೆಯಂತಹ ಅಪರಾಧಗಳಿಗೆ ಹಂತ ಹಂತವಾಗಿ ಕಠಿಣ ಶಿಕ್ಷೆಗಳನ್ನು ಪರಿಚಯಿಸುತ್ತದೆ.
ಆದರೆ, ಬದಲಾಗಿ ಲೈಂಗಿಕ ದೃಷ್ಟಿಕೋನ, ಅಥವಾ ಕೇವಲ ಸ್ವಯಂ-ಗ್ರಹಿತ ಲಿಂಗ ಗುರುತುಗಳನ್ನು ಹೊಂದಿರುವ ವ್ಯಕ್ತಿಗಳು ಈ ವ್ಯಾಖ್ಯಾನದಲ್ಲಿ ಬರುವುದಿಲ್ಲ. ಗುರುತಿಸುವಿಕೆಗೆ ವೈದ್ಯಕೀಯ ಪ್ರಾಧಿಕಾರ: ತೃತೀಯಲಿಂಗಿ ಗುರುತು ಪ್ರಮಾಣಪತ್ರಕ್ಕಾಗಿ ಅರ್ಜಿ ಸಲ್ಲಿಸುವ ವ್ಯಕ್ತಿಗಳು ವೈದ್ಯಕೀಯ ಮಂಡಳಿಯ ಪರಿಶೀಲನೆಗೆ ಒಳಪಡಬೇಕಾಗುತ್ತದೆ.
